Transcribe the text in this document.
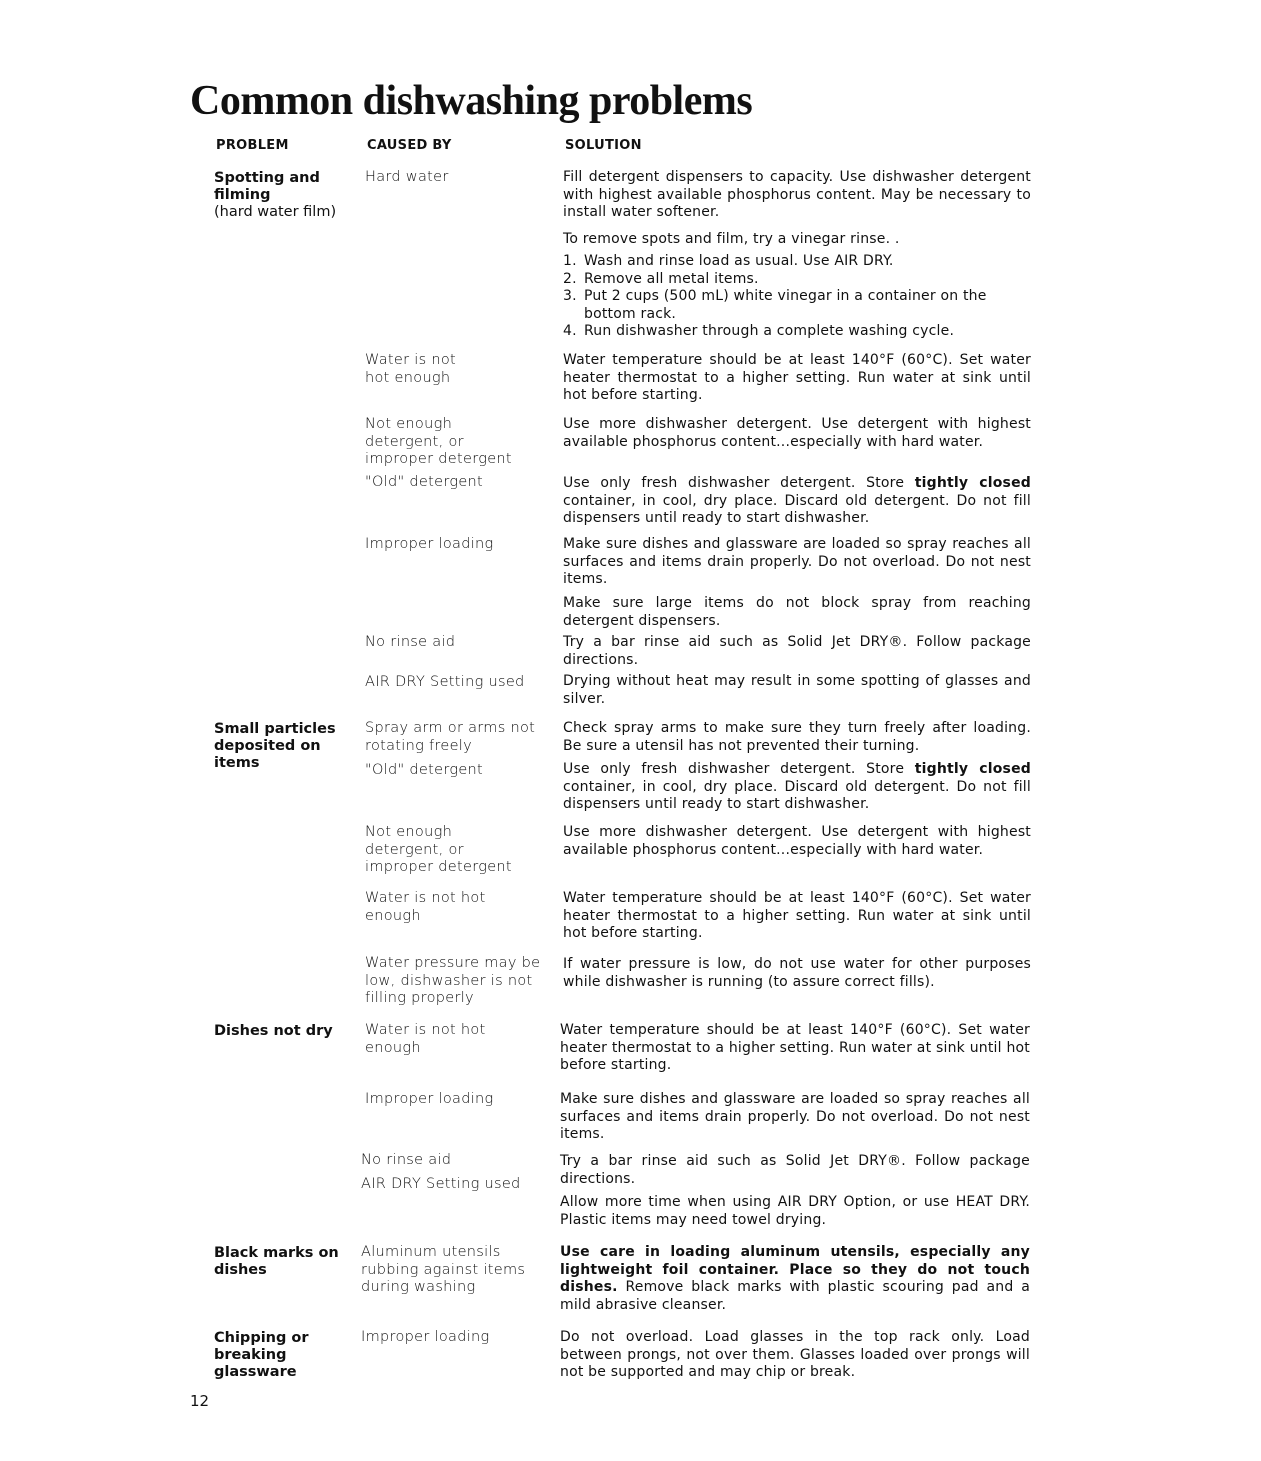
Common dishwashing problems
PROBLEM	CAUSED BY	SOLUTION
Spotting and filming
(hard water film)
Small particles deposited on items
Dishes not dry
Black marks on dishes
Chipping or breaking glassware
Hard water
Water is not hot enough
Not enough detergent, or improper detergent
"Old" detergent
Improper loading
No rinse aid
AIR DRY Setting used
Spray arm or arms not rotating freely
"Old" detergent
Not enough detergent, or improper detergent
Water is not hot enough
Water pressure may be low, dishwasher is not filling properly
Water is not hot enough
Improper loading
No rinse aid
AIR DRY Setting used
Aluminum utensils rubbing against items during washing
Improper loading
Fill detergent dispensers to capacity. Use dishwasher detergent with highest available phosphorus content. May be necessary to install water softener.
To remove spots and film, try a vinegar rinse. .
1. Wash and rinse load as usual. Use AIR DRY.
2. Remove all metal items.
3. Put 2 cups (500 mL) white vinegar in a container on the bottom rack.
4. Run dishwasher through a complete washing cycle.
Water temperature should be at least 140°F (60°C). Set water heater thermostat to a higher setting. Run water at sink until hot before starting.
Use more dishwasher detergent. Use detergent with highest available phosphorus content...especially with hard water.
Use only fresh dishwasher detergent. Store tightly closed container, in cool, dry place. Discard old detergent. Do not fill dispensers until ready to start dishwasher.
Make sure dishes and glassware are loaded so spray reaches all surfaces and items drain properly. Do not overload. Do not nest items.
Make sure large items do not block spray from reaching detergent dispensers.
Try a bar rinse aid such as Solid Jet DRY®. Follow package directions.
Drying without heat may result in some spotting of glasses and silver.
Check spray arms to make sure they turn freely after loading. Be sure a utensil has not prevented their turning.
Use only fresh dishwasher detergent. Store tightly closed container, in cool, dry place. Discard old detergent. Do not fill dispensers until ready to start dishwasher.
Use more dishwasher detergent. Use detergent with highest available phosphorus content...especially with hard water.
Water temperature should be at least 140°F (60°C). Set water heater thermostat to a higher setting. Run water at sink until hot before starting.
If water pressure is low, do not use water for other purposes while dishwasher is running (to assure correct fills).
Water temperature should be at least 140°F (60°C). Set water heater thermostat to a higher setting. Run water at sink until hot before starting.
Make sure dishes and glassware are loaded so spray reaches all surfaces and items drain properly. Do not overload. Do not nest items.
Try a bar rinse aid such as Solid Jet DRY®. Follow package directions.
Allow more time when using AIR DRY Option, or use HEAT DRY. Plastic items may need towel drying.
Use care in loading aluminum utensils, especially any lightweight foil container. Place so they do not touch dishes. Remove black marks with plastic scouring pad and a mild abrasive cleanser.
Do not overload. Load glasses in the top rack only. Load between prongs, not over them. Glasses loaded over prongs will not be supported and may chip or break.
12
